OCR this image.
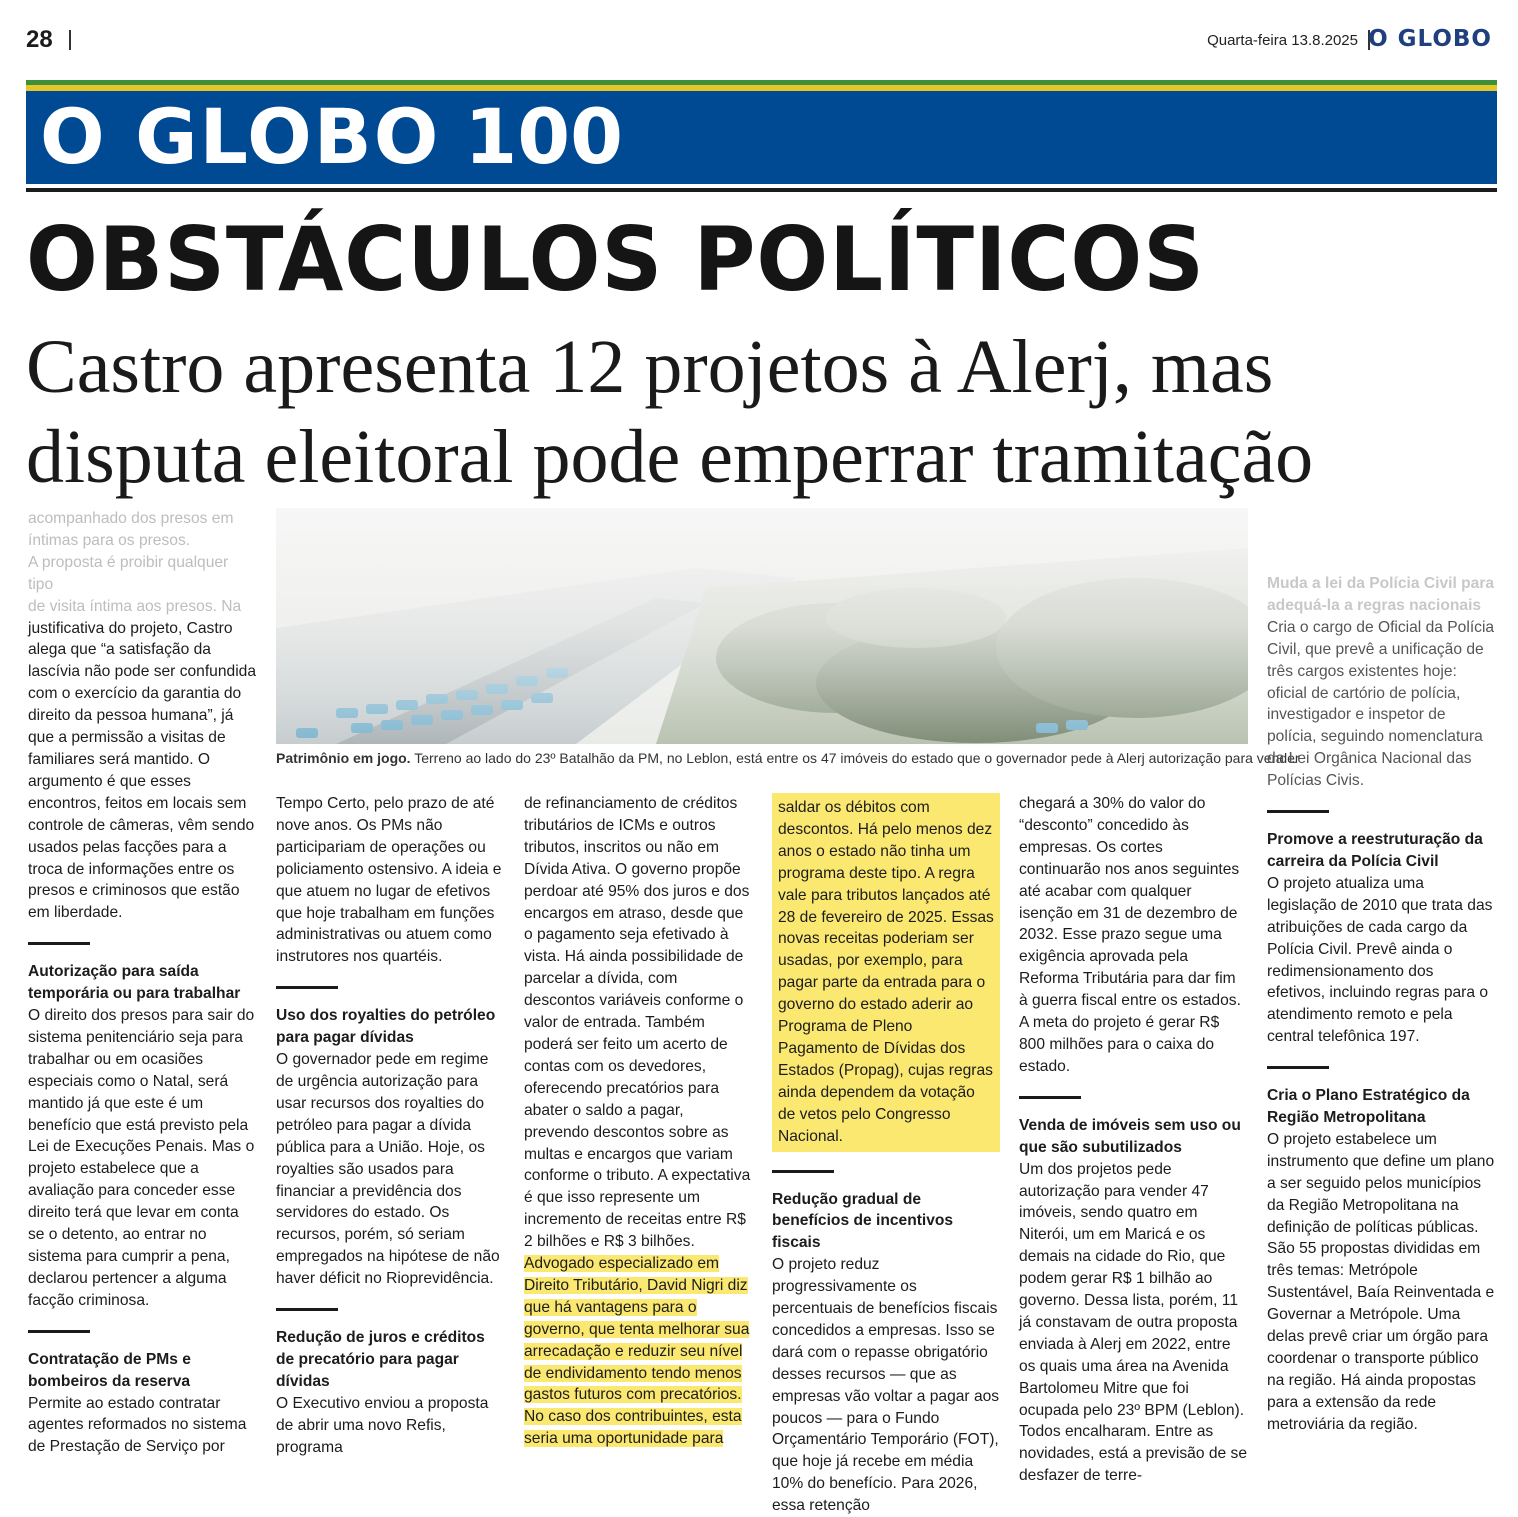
28	Quarta-feira 13.8.2025 O GLOBO
O GLOBO 100
OBSTÁCULOS POLÍTICOS
Castro apresenta 12 projetos à Alerj, mas disputa eleitoral pode emperrar tramitação
Patrimônio em jogo. Terreno ao lado do 23º Batalhão da PM, no Leblon, está entre os 47 imóveis do estado que o governador pede à Alerj autorização para vender

acompanhado dos presos em

íntimas para os presos.

A proposta é proibir qualquer tipo

de visita íntima aos presos. Na

justificativa do projeto, Castro alega que “a satisfação da lascívia não pode ser confundida com o exercício da garantia do direito da pessoa humana”, já que a permissão a visitas de familiares será mantido. O argumento é que esses encontros, feitos em locais sem controle de câmeras, vêm sendo usados pelas facções para a troca de informações entre os presos e criminosos que estão em liberdade.

Autorização para saída temporária ou para trabalhar

O direito dos presos para sair do sistema penitenciário seja para trabalhar ou em ocasiões especiais como o Natal, será mantido já que este é um benefício que está previsto pela Lei de Execuções Penais. Mas o projeto estabelece que a avaliação para conceder esse direito terá que levar em conta se o detento, ao entrar no sistema para cumprir a pena, declarou pertencer a alguma facção criminosa.

Contratação de PMs e bombeiros da reserva

Permite ao estado contratar agentes reformados no sistema de Prestação de Serviço por

Tempo Certo, pelo prazo de até nove anos. Os PMs não participariam de operações ou policiamento ostensivo. A ideia e que atuem no lugar de efetivos que hoje trabalham em funções administrativas ou atuem como instrutores nos quartéis.

Uso dos royalties do petróleo para pagar dívidas

O governador pede em regime de urgência autorização para usar recursos dos royalties do petróleo para pagar a dívida pública para a União. Hoje, os royalties são usados para financiar a previdência dos servidores do estado. Os recursos, porém, só seriam empregados na hipótese de não haver déficit no Rioprevidência.

Redução de juros e créditos de precatório para pagar dívidas

O Executivo enviou a proposta de abrir uma novo Refis, programa

de refinanciamento de créditos tributários de ICMs e outros tributos, inscritos ou não em Dívida Ativa. O governo propõe perdoar até 95% dos juros e dos encargos em atraso, desde que o pagamento seja efetivado à vista. Há ainda possibilidade de parcelar a dívida, com descontos variáveis conforme o valor de entrada. Também poderá ser feito um acerto de contas com os devedores, oferecendo precatórios para abater o saldo a pagar, prevendo descontos sobre as multas e encargos que variam conforme o tributo. A expectativa é que isso represente um incremento de receitas entre R$ 2 bilhões e R$ 3 bilhões. Advogado especializado em Direito Tributário, David Nigri diz que há vantagens para o governo, que tenta melhorar sua arrecadação e reduzir seu nível de endividamento tendo menos gastos futuros com precatórios. No caso dos contribuintes, esta seria uma oportunidade para

saldar os débitos com descontos. Há pelo menos dez anos o estado não tinha um programa deste tipo. A regra vale para tributos lançados até 28 de fevereiro de 2025. Essas novas receitas poderiam ser usadas, por exemplo, para pagar parte da entrada para o governo do estado aderir ao Programa de Pleno Pagamento de Dívidas dos Estados (Propag), cujas regras ainda dependem da votação de vetos pelo Congresso Nacional.

Redução gradual de benefícios de incentivos fiscais

O projeto reduz progressivamente os percentuais de benefícios fiscais concedidos a empresas. Isso se dará com o repasse obrigatório desses recursos — que as empresas vão voltar a pagar aos poucos — para o Fundo Orçamentário Temporário (FOT), que hoje já recebe em média 10% do benefício. Para 2026, essa retenção

chegará a 30% do valor do “desconto” concedido às empresas. Os cortes continuarão nos anos seguintes até acabar com qualquer isenção em 31 de dezembro de 2032. Esse prazo segue uma exigência aprovada pela Reforma Tributária para dar fim à guerra fiscal entre os estados. A meta do projeto é gerar R$ 800 milhões para o caixa do estado.

Venda de imóveis sem uso ou que são subutilizados

Um dos projetos pede autorização para vender 47 imóveis, sendo quatro em Niterói, um em Maricá e os demais na cidade do Rio, que podem gerar R$ 1 bilhão ao governo. Dessa lista, porém, 11 já constavam de outra proposta enviada à Alerj em 2022, entre os quais uma área na Avenida Bartolomeu Mitre que foi ocupada pelo 23º BPM (Leblon). Todos encalharam. Entre as novidades, está a previsão de se desfazer de terre-

Muda a lei da Polícia Civil para adequá-la a regras nacionais

Cria o cargo de Oficial da Polícia Civil, que prevê a unificação de três cargos existentes hoje: oficial de cartório de polícia, investigador e inspetor de polícia, seguindo nomenclatura da Lei Orgânica Nacional das Polícias Civis.

Promove a reestruturação da carreira da Polícia Civil

O projeto atualiza uma legislação de 2010 que trata das atribuições de cada cargo da Polícia Civil. Prevê ainda o redimensionamento dos efetivos, incluindo regras para o atendimento remoto e pela central telefônica 197.

Cria o Plano Estratégico da Região Metropolitana

O projeto estabelece um instrumento que define um plano a ser seguido pelos municípios da Região Metropolitana na definição de políticas públicas. São 55 propostas divididas em três temas: Metrópole Sustentável, Baía Reinventada e Governar a Metrópole. Uma delas prevê criar um órgão para coordenar o transporte público na região. Há ainda propostas para a extensão da rede metroviária da região.
